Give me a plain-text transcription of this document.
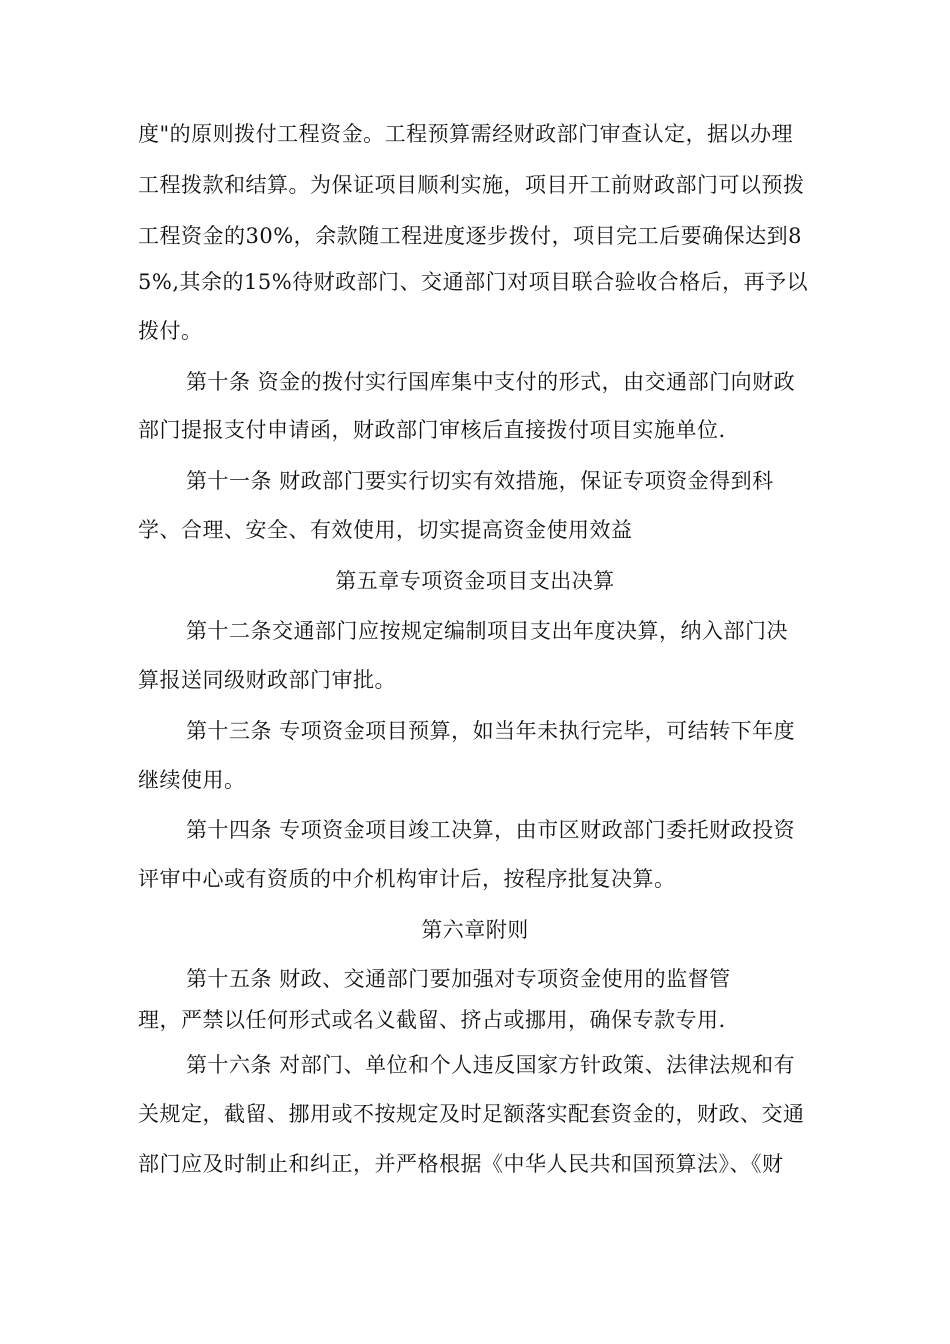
度"的原则拨付工程资金。工程预算需经财政部门审查认定，据以办理
工程拨款和结算。为保证项目顺利实施，项目开工前财政部门可以预拨
工程资金的30%，余款随工程进度逐步拨付，项目完工后要确保达到8
5%,其余的15%待财政部门、交通部门对项目联合验收合格后，再予以
拨付。
第十条 资金的拨付实行国库集中支付的形式，由交通部门向财政
部门提报支付申请函，财政部门审核后直接拨付项目实施单位.
第十一条 财政部门要实行切实有效措施，保证专项资金得到科
学、合理、安全、有效使用，切实提高资金使用效益
第五章专项资金项目支出决算
第十二条交通部门应按规定编制项目支出年度决算，纳入部门决
算报送同级财政部门审批。
第十三条 专项资金项目预算，如当年未执行完毕，可结转下年度
继续使用。
第十四条 专项资金项目竣工决算，由市区财政部门委托财政投资
评审中心或有资质的中介机构审计后，按程序批复决算。
第六章附则
第十五条 财政、交通部门要加强对专项资金使用的监督管
理，严禁以任何形式或名义截留、挤占或挪用，确保专款专用.
第十六条 对部门、单位和个人违反国家方针政策、法律法规和有
关规定，截留、挪用或不按规定及时足额落实配套资金的，财政、交通
部门应及时制止和纠正，并严格根据《中华人民共和国预算法》、《财
